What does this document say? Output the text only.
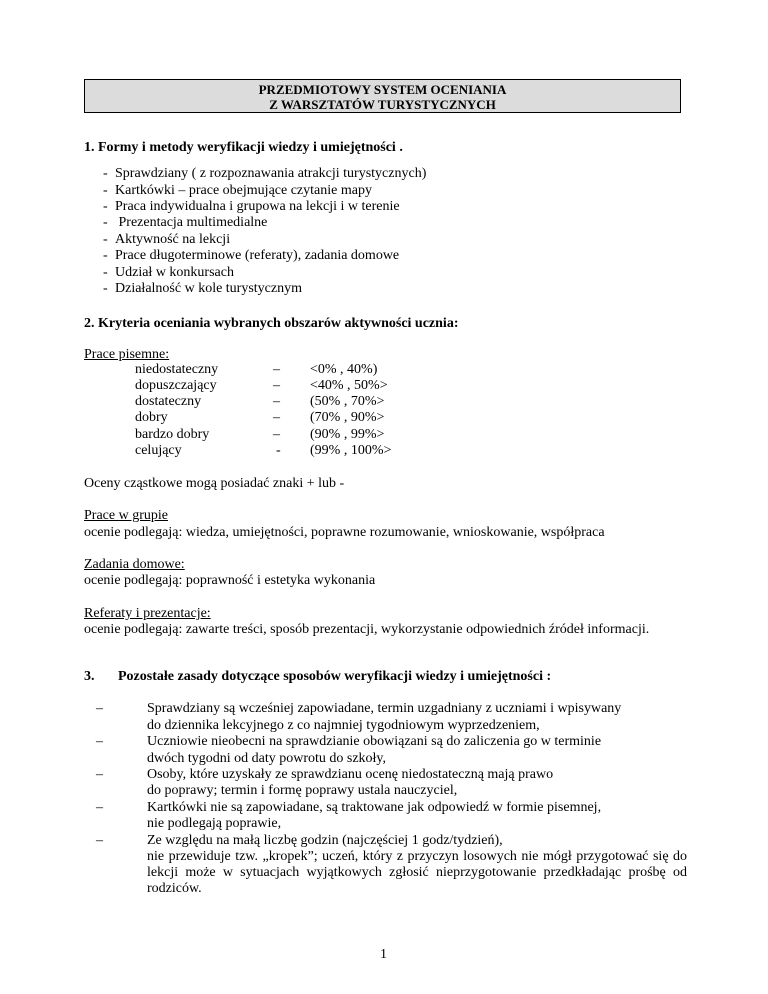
PRZEDMIOTOWY SYSTEM OCENIANIA
Z WARSZTATÓW TURYSTYCZNYCH
1. Formy i metody weryfikacji wiedzy i umiejętności .
- Sprawdziany ( z rozpoznawania atrakcji turystycznych)
- Kartkówki – prace obejmujące czytanie mapy
- Praca indywidualna i grupowa na lekcji i w terenie
- Prezentacja multimedialne
- Aktywność na lekcji
- Prace długoterminowe (referaty), zadania domowe
- Udział w konkursach
- Działalność w kole turystycznym
2. Kryteria oceniania wybranych obszarów aktywności ucznia:
Prace pisemne:
niedostateczny	– <0% , 40%)
dopuszczający	– <40% , 50%>
dostateczny	– (50% , 70%>
dobry	– (70% , 90%>
bardzo dobry	– (90% , 99%>
celujący	- (99% , 100%>
Oceny cząstkowe mogą posiadać znaki + lub -
Prace w grupie
ocenie podlegają: wiedza, umiejętności, poprawne rozumowanie, wnioskowanie, współpraca
Zadania domowe:
ocenie podlegają: poprawność i estetyka wykonania
Referaty i prezentacje:
ocenie podlegają: zawarte treści, sposób prezentacji, wykorzystanie odpowiednich źródeł informacji.
3. Pozostałe zasady dotyczące sposobów weryfikacji wiedzy i umiejętności :
–	Sprawdziany są wcześniej zapowiadane, termin uzgadniany z uczniami i wpisywany
do dziennika lekcyjnego z co najmniej tygodniowym wyprzedzeniem,
–	Uczniowie nieobecni na sprawdzianie obowiązani są do zaliczenia go w terminie
dwóch tygodni od daty powrotu do szkoły,
–	Osoby, które uzyskały ze sprawdzianu ocenę niedostateczną mają prawo
do poprawy; termin i formę poprawy ustala nauczyciel,
–	Kartkówki nie są zapowiadane, są traktowane jak odpowiedź w formie pisemnej,
nie podlegają poprawie,
–	Ze względu na małą liczbę godzin (najczęściej 1 godz/tydzień),
nie przewiduje tzw. „kropek”; uczeń, który z przyczyn losowych nie mógł przygotować się do lekcji może w sytuacjach wyjątkowych zgłosić nieprzygotowanie przedkładając prośbę od rodziców.
1
